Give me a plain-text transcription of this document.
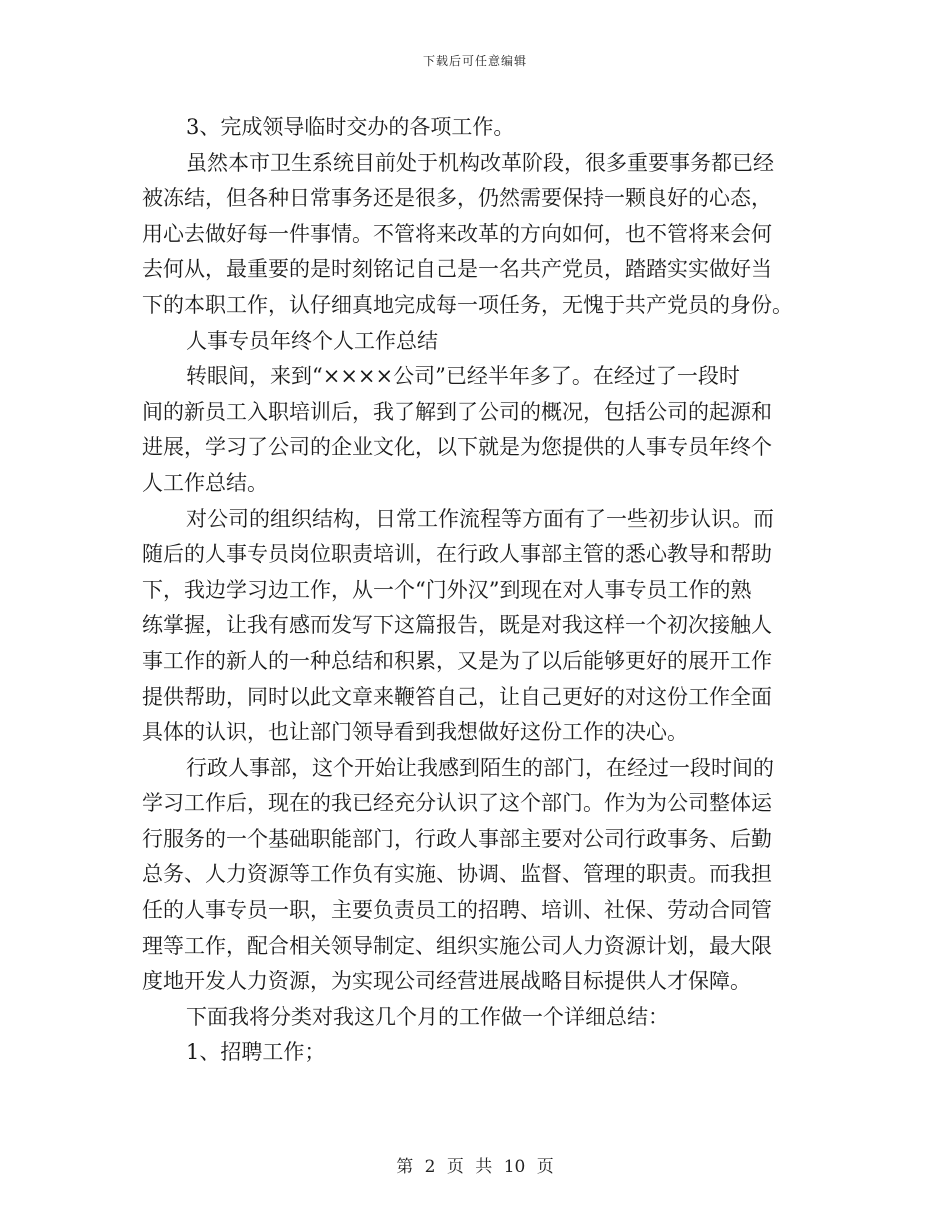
下载后可任意编辑
3、完成领导临时交办的各项工作。
虽然本市卫生系统目前处于机构改革阶段，很多重要事务都已经
被冻结，但各种日常事务还是很多，仍然需要保持一颗良好的心态，
用心去做好每一件事情。不管将来改革的方向如何，也不管将来会何
去何从，最重要的是时刻铭记自己是一名共产党员，踏踏实实做好当
下的本职工作，认仔细真地完成每一项任务，无愧于共产党员的身份。
人事专员年终个人工作总结
转眼间，来到“××××公司”已经半年多了。在经过了一段时
间的新员工入职培训后，我了解到了公司的概况，包括公司的起源和
进展，学习了公司的企业文化，以下就是为您提供的人事专员年终个
人工作总结。
对公司的组织结构，日常工作流程等方面有了一些初步认识。而
随后的人事专员岗位职责培训，在行政人事部主管的悉心教导和帮助
下，我边学习边工作，从一个“门外汉”到现在对人事专员工作的熟
练掌握，让我有感而发写下这篇报告，既是对我这样一个初次接触人
事工作的新人的一种总结和积累，又是为了以后能够更好的展开工作
提供帮助，同时以此文章来鞭笞自己，让自己更好的对这份工作全面
具体的认识，也让部门领导看到我想做好这份工作的决心。
行政人事部，这个开始让我感到陌生的部门，在经过一段时间的
学习工作后，现在的我已经充分认识了这个部门。作为为公司整体运
行服务的一个基础职能部门，行政人事部主要对公司行政事务、后勤
总务、人力资源等工作负有实施、协调、监督、管理的职责。而我担
任的人事专员一职，主要负责员工的招聘、培训、社保、劳动合同管
理等工作，配合相关领导制定、组织实施公司人力资源计划，最大限
度地开发人力资源，为实现公司经营进展战略目标提供人才保障。
下面我将分类对我这几个月的工作做一个详细总结：
1、招聘工作；
第 2 页 共 10 页
